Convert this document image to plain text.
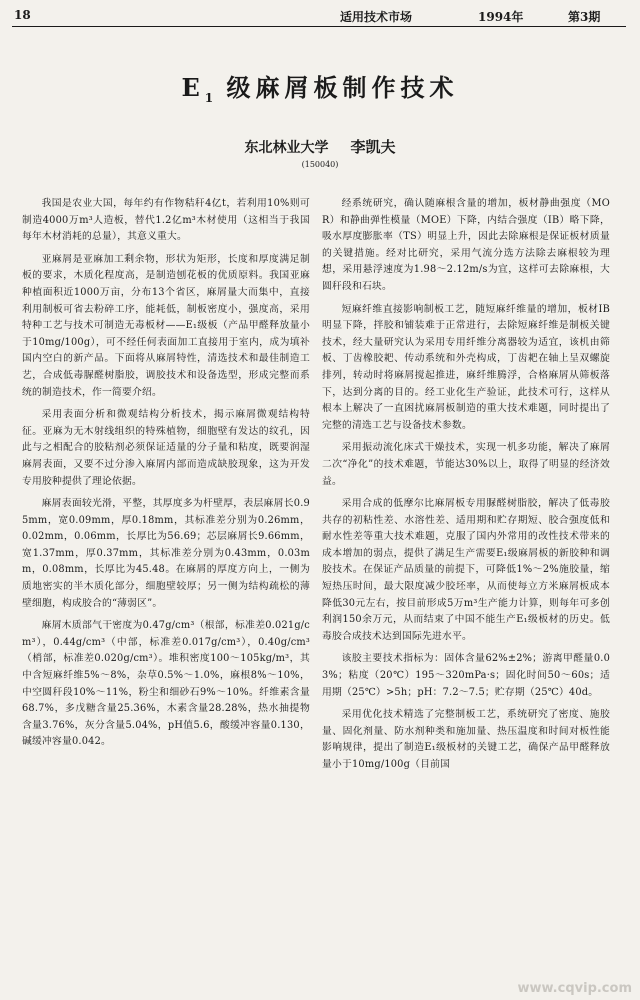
18	适用技术市场	1994年	第3期
$E_1$ 级麻屑板制作技术
东北林业大学 李凯夫
(150040)

我国是农业大国，每年约有作物秸秆4亿t，若利用10%则可制造4000万m³人造板，替代1.2亿m³木材使用（这相当于我国每年木材消耗的总量），其意义重大。

亚麻屑是亚麻加工剩余物，形状为矩形，长度和厚度满足制板的要求，木质化程度高，是制造刨花板的优质原料。我国亚麻种植面积近1000万亩，分布13个省区，麻屑量大而集中，直接利用制板可省去粉碎工序，能耗低，制板密度小，强度高，采用特种工艺与技术可制造无毒板材——E₁级板（产品甲醛释放量小于10mg/100g），可不经任何表面加工直接用于室内，成为填补国内空白的新产品。下面将从麻屑特性，清选技术和最佳制造工艺，合成低毒脲醛树脂胶，调胶技术和设备选型，形成完整而系统的制造技术，作一简要介绍。

采用表面分析和微观结构分析技术，揭示麻屑微观结构特征。亚麻为无木射线组织的特殊植物，细胞壁有发达的纹孔，因此与之相配合的胶粘剂必须保证适量的分子量和粘度，既要润湿麻屑表面，又要不过分渗入麻屑内部而造成缺胶现象，这为开发专用胶种提供了理论依据。

麻屑表面较光滑，平整，其厚度多为杆壁厚，表层麻屑长0.95mm，宽0.09mm，厚0.18mm，其标准差分别为0.26mm，0.02mm，0.06mm，长厚比为56.69；芯层麻屑长9.66mm，宽1.37mm，厚0.37mm，其标准差分别为0.43mm，0.03mm，0.08mm，长厚比为45.48。在麻屑的厚度方向上，一侧为质地密实的半木质化部分，细胞壁较厚；另一侧为结构疏松的薄壁细胞，构成胶合的“薄弱区”。

麻屑木质部气干密度为0.47g/cm³（根部，标准差0.021g/cm³），0.44g/cm³（中部，标准差0.017g/cm³），0.40g/cm³（梢部，标准差0.020g/cm³）。堆积密度100～105kg/m³，其中含短麻纤维5%～8%，杂草0.5%～1.0%，麻根8%～10%，中空圆秆段10%～11%，粉尘和细砂石9%～10%。纤维素含量68.7%，多戊糖含量25.36%，木素含量28.28%，热水抽提物含量3.76%，灰分含量5.04%，pH值5.6，酸缓冲容量0.130，碱缓冲容量0.042。

经系统研究，确认随麻根含量的增加，板材静曲强度（MOR）和静曲弹性模量（MOE）下降，内结合强度（IB）略下降，吸水厚度膨胀率（TS）明显上升，因此去除麻根是保证板材质量的关键措施。经对比研究，采用气流分选方法除去麻根较为理想，采用悬浮速度为1.98～2.12m/s为宜，这样可去除麻根，大圆秆段和石块。

短麻纤维直接影响制板工艺，随短麻纤维量的增加，板材IB明显下降，拌胶和铺装难于正常进行，去除短麻纤维是制板关键技术，经大量研究认为采用专用纤维分离器较为适宜，该机由筛板、丁齿橡胶耙、传动系统和外壳构成，丁齿耙在轴上呈双螺旋排列，转动时将麻屑搅起推进，麻纤维腾浮，合格麻屑从筛板落下，达到分离的目的。经工业化生产验证，此技术可行，这样从根本上解决了一直困扰麻屑板制造的重大技术难题，同时提出了完整的清选工艺与设备技术参数。

采用振动流化床式干燥技术，实现一机多功能，解决了麻屑二次“净化”的技术难题，节能达30%以上，取得了明显的经济效益。

采用合成的低摩尔比麻屑板专用脲醛树脂胶，解决了低毒胶共存的初粘性差、水溶性差、适用期和贮存期短、胶合强度低和耐水性差等重大技术难题，克服了国内外常用的改性技术带来的成本增加的弱点，提供了满足生产需要E₁级麻屑板的新胶种和调胶技术。在保证产品质量的前提下，可降低1%～2%施胶量，缩短热压时间，最大限度减少胶坯率，从而使每立方米麻屑板成本降低30元左右，按目前形成5万m³生产能力计算，则每年可多创利润150余万元，从而结束了中国不能生产E₁级板材的历史。低毒胶合成技术达到国际先进水平。

该胶主要技术指标为：固体含量62%±2%；游离甲醛量0.03%；粘度（20℃）195～320mPa·s；固化时间50～60s；适用期（25℃）>5h；pH：7.2～7.5；贮存期（25℃）40d。

采用优化技术精选了完整制板工艺，系统研究了密度、施胶量、固化剂量、防水剂种类和施加量、热压温度和时间对板性能影响规律，提出了制造E₁级板材的关键工艺，确保产品甲醛释放量小于10mg/100g（目前国

www.cqvip.com
